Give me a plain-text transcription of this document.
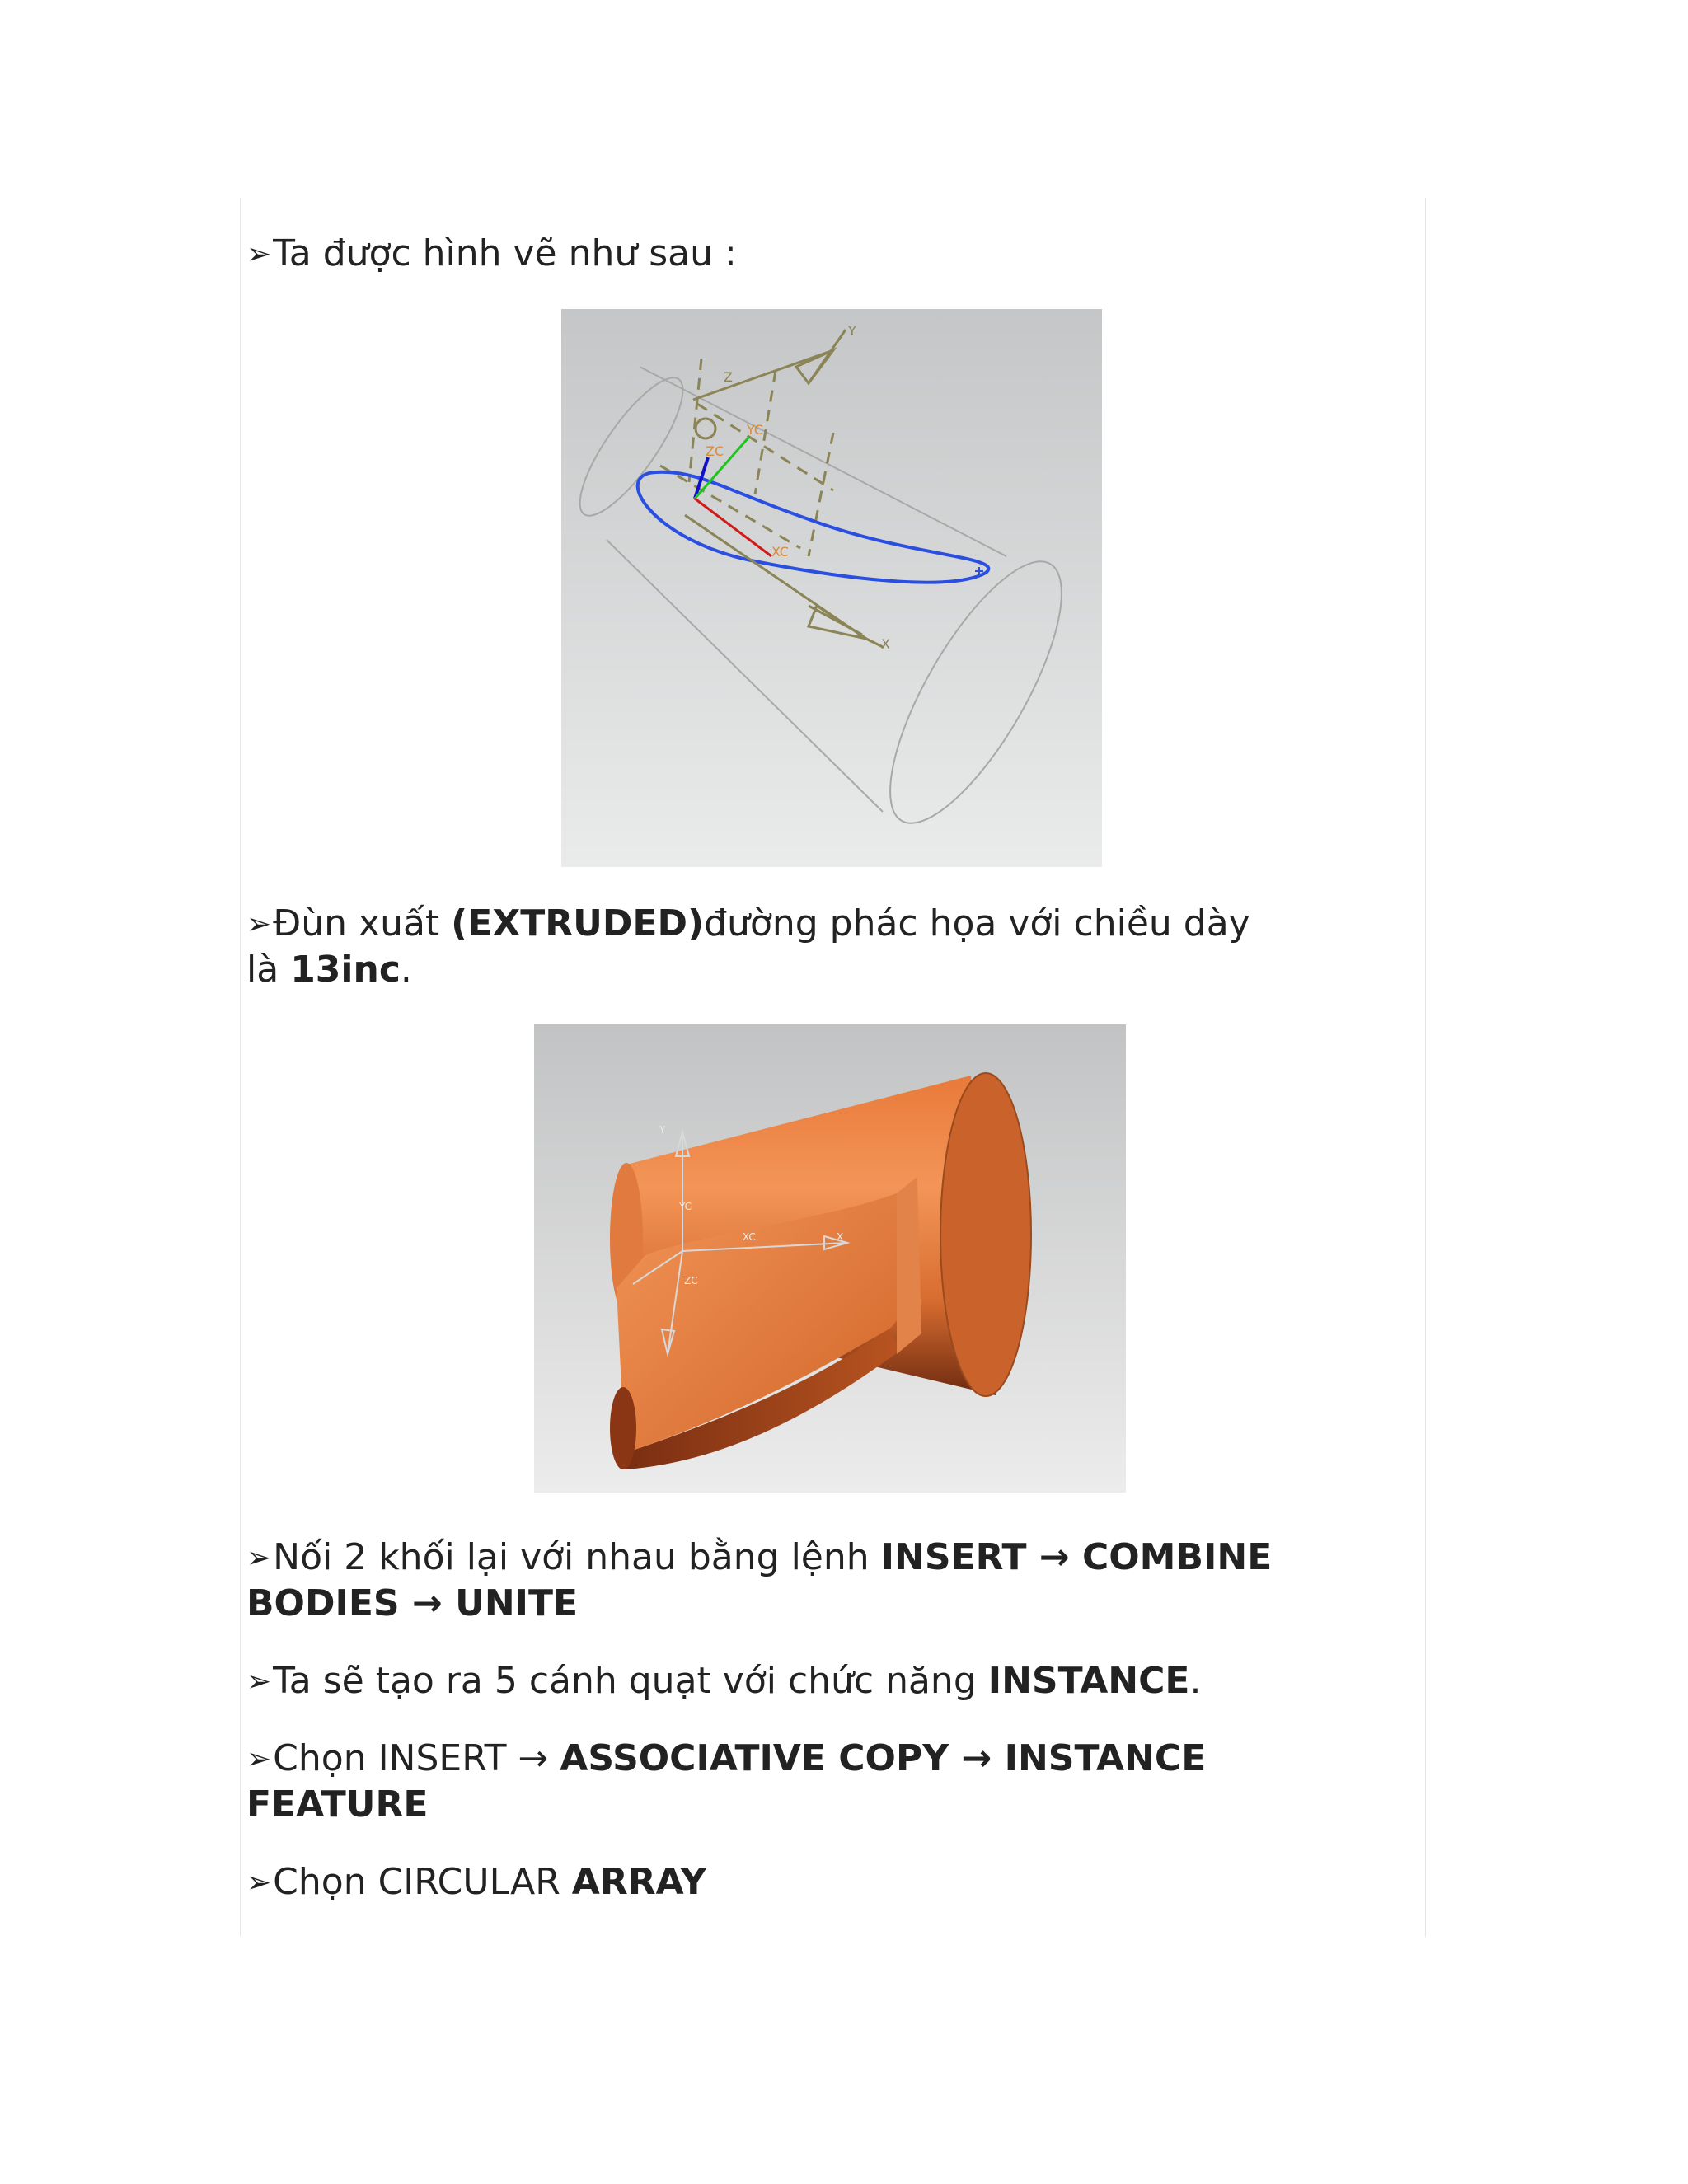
➢Ta được hình vẽ như sau :

Y
Z
X
ZC
YC
XC

➢Đùn xuất (EXTRUDED)đường phác họa với chiều dày
là 13inc.

Y
YC
XC	X
ZC

➢Nối 2 khối lại với nhau bằng lệnh INSERT → COMBINE
BODIES → UNITE

➢Ta sẽ tạo ra 5 cánh quạt với chức năng INSTANCE.

➢Chọn INSERT → ASSOCIATIVE COPY → INSTANCE
FEATURE

➢Chọn CIRCULAR ARRAY
